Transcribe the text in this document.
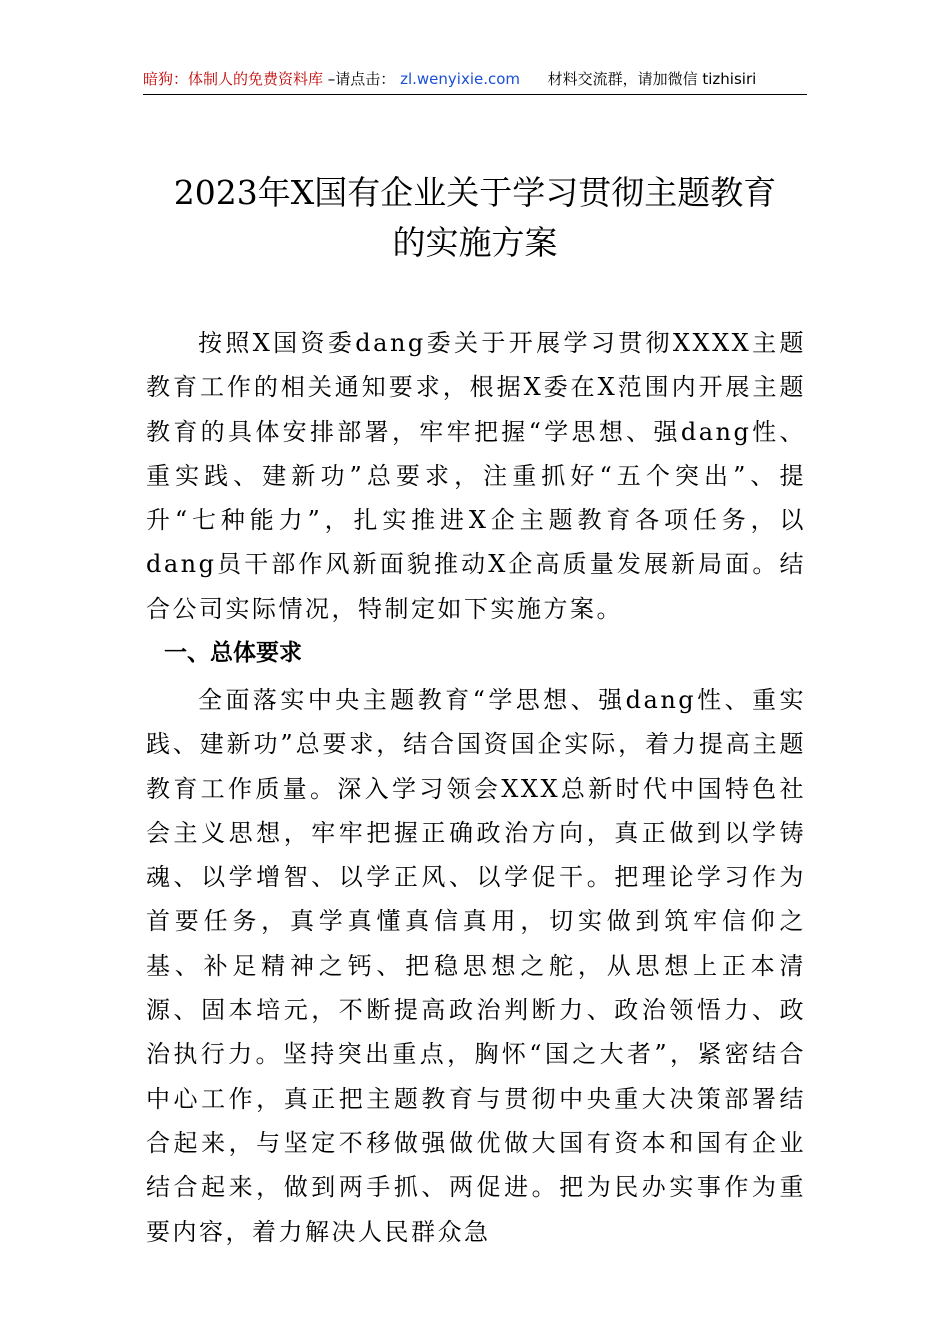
暗狗：体制人的免费资料库 –请点击： zl.wenyixie.com 材料交流群，请加微信 tizhisiri
2023年X国有企业关于学习贯彻主题教育
的实施方案

按照X国资委dang委关于开展学习贯彻XXXX主题教育工作的相关通知要求，根据X委在X范围内开展主题教育的具体安排部署，牢牢把握“学思想、强dang性、重实践、建新功”总要求，注重抓好“五个突出”、提升“七种能力”，扎实推进X企主题教育各项任务，以dang员干部作风新面貌推动X企高质量发展新局面。结合公司实际情况，特制定如下实施方案。

一、总体要求

全面落实中央主题教育“学思想、强dang性、重实践、建新功”总要求，结合国资国企实际，着力提高主题教育工作质量。深入学习领会XXX总新时代中国特色社会主义思想，牢牢把握正确政治方向，真正做到以学铸魂、以学增智、以学正风、以学促干。把理论学习作为首要任务，真学真懂真信真用，切实做到筑牢信仰之基、补足精神之钙、把稳思想之舵，从思想上正本清源、固本培元，不断提高政治判断力、政治领悟力、政治执行力。坚持突出重点，胸怀“国之大者”，紧密结合中心工作，真正把主题教育与贯彻中央重大决策部署结合起来，与坚定不移做强做优做大国有资本和国有企业结合起来，做到两手抓、两促进。把为民办实事作为重要内容，着力解决人民群众急
